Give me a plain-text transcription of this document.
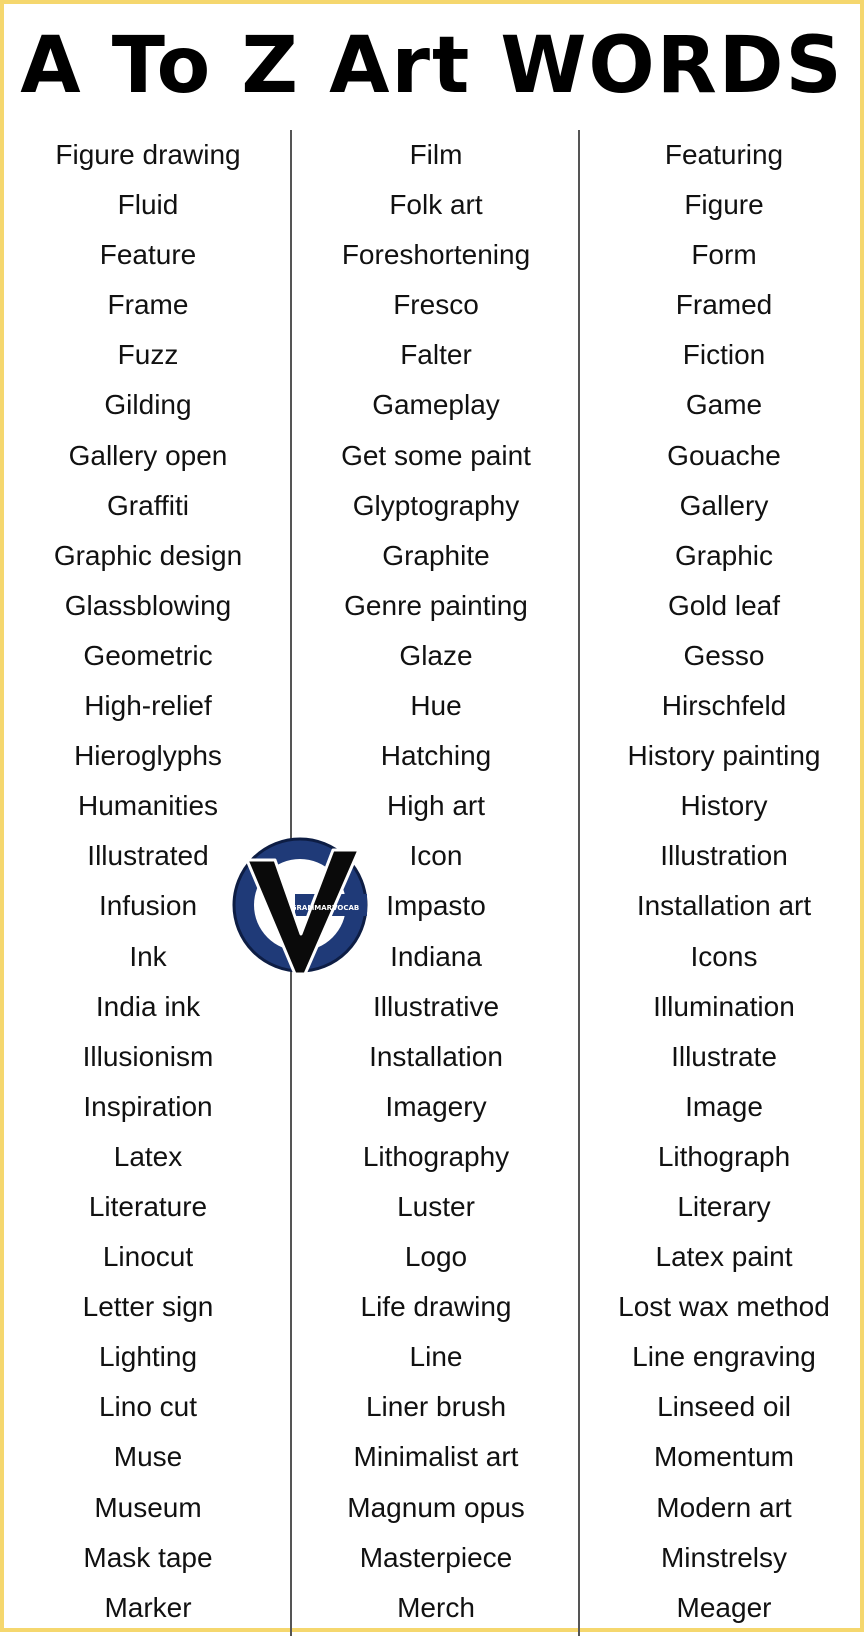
A To Z Art WORDS
Figure drawing
Fluid
Feature
Frame
Fuzz
Gilding
Gallery open
Graffiti
Graphic design
Glassblowing
Geometric
High-relief
Hieroglyphs
Humanities
Illustrated
Infusion
Ink
India ink
Illusionism
Inspiration
Latex
Literature
Linocut
Letter sign
Lighting
Lino cut
Muse
Museum
Mask tape
Marker
Film
Folk art
Foreshortening
Fresco
Falter
Gameplay
Get some paint
Glyptography
Graphite
Genre painting
Glaze
Hue
Hatching
High art
Icon
Impasto
Indiana
Illustrative
Installation
Imagery
Lithography
Luster
Logo
Life drawing
Line
Liner brush
Minimalist art
Magnum opus
Masterpiece
Merch
Featuring
Figure
Form
Framed
Fiction
Game
Gouache
Gallery
Graphic
Gold leaf
Gesso
Hirschfeld
History painting
History
Illustration
Installation art
Icons
Illumination
Illustrate
Image
Lithograph
Literary
Latex paint
Lost wax method
Line engraving
Linseed oil
Momentum
Modern art
Minstrelsy
Meager
GRAMMARVOCAB
